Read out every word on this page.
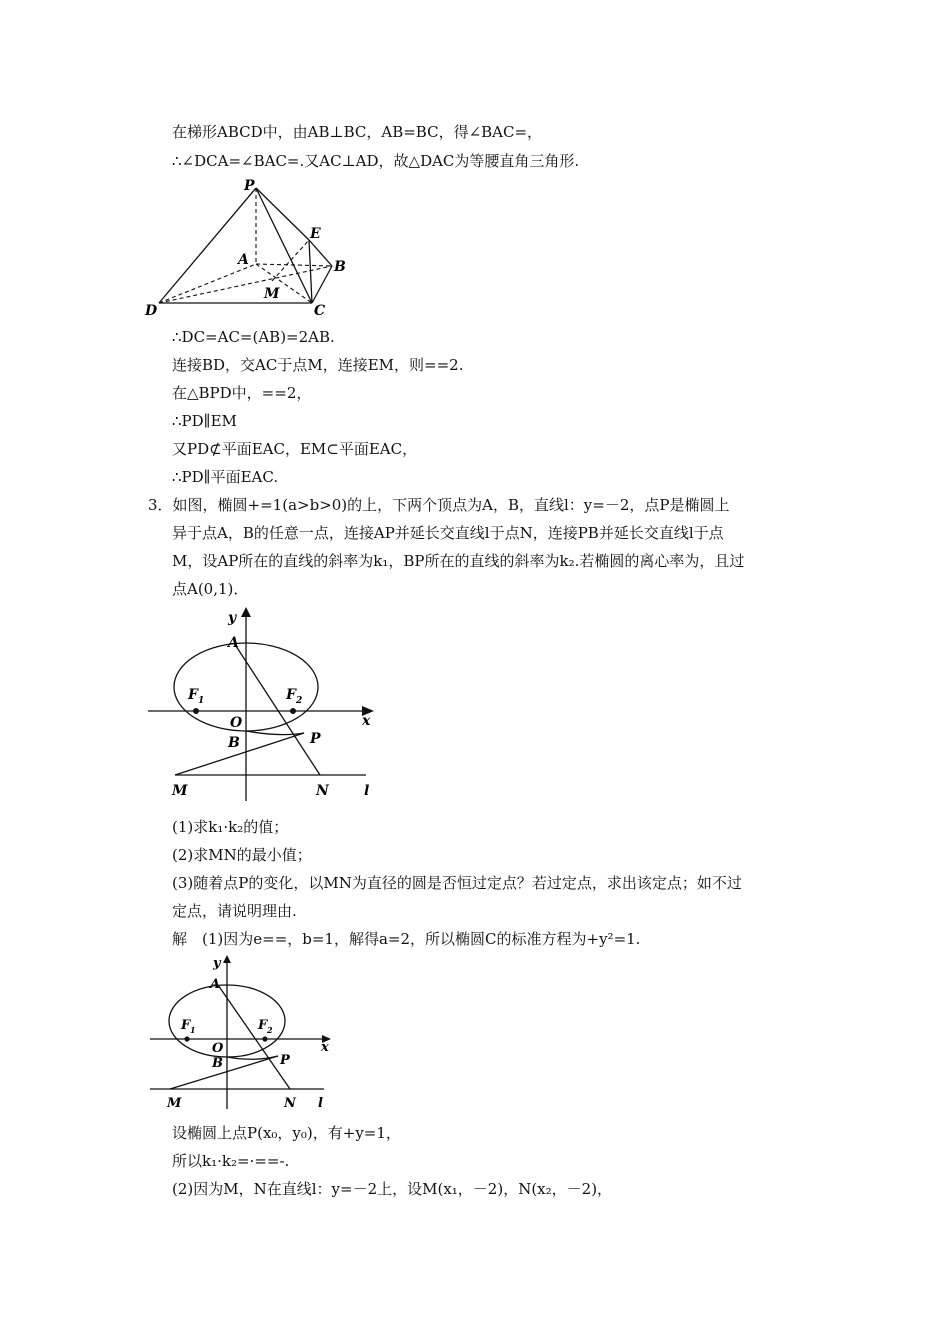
在梯形ABCD中，由AB⊥BC，AB=BC，得∠BAC=，
∴∠DCA=∠BAC=.又AC⊥AD，故△DAC为等腰直角三角形.
P
E
A	B
M
D	C
∴DC=AC=(AB)=2AB.
连接BD，交AC于点M，连接EM，则==2.
在△BPD中，==2，
∴PD∥EM
又PD⊄平面EAC，EM⊂平面EAC，
∴PD∥平面EAC.
3．如图，椭圆+=1(a>b>0)的上，下两个顶点为A，B，直线l：y=－2，点P是椭圆上
异于点A，B的任意一点，连接AP并延长交直线l于点N，连接PB并延长交直线l于点
M，设AP所在的直线的斜率为k₁，BP所在的直线的斜率为k₂.若椭圆的离心率为，且过
点A(0,1)．
y
A
F 1	F 2
O	x
B	P
M	N	l
(1)求k₁·k₂的值；
(2)求MN的最小值；
(3)随着点P的变化，以MN为直径的圆是否恒过定点？若过定点，求出该定点；如不过
定点，请说明理由.
解　(1)因为e==，b=1，解得a=2，所以椭圆C的标准方程为+y²=1.
y
A
F 1	F 2
O	x
B	P
M	N l
设椭圆上点P(x₀，y₀)，有+y=1，
所以k₁·k₂=·==-.
(2)因为M，N在直线l：y=－2上，设M(x₁，－2)，N(x₂，－2)，
